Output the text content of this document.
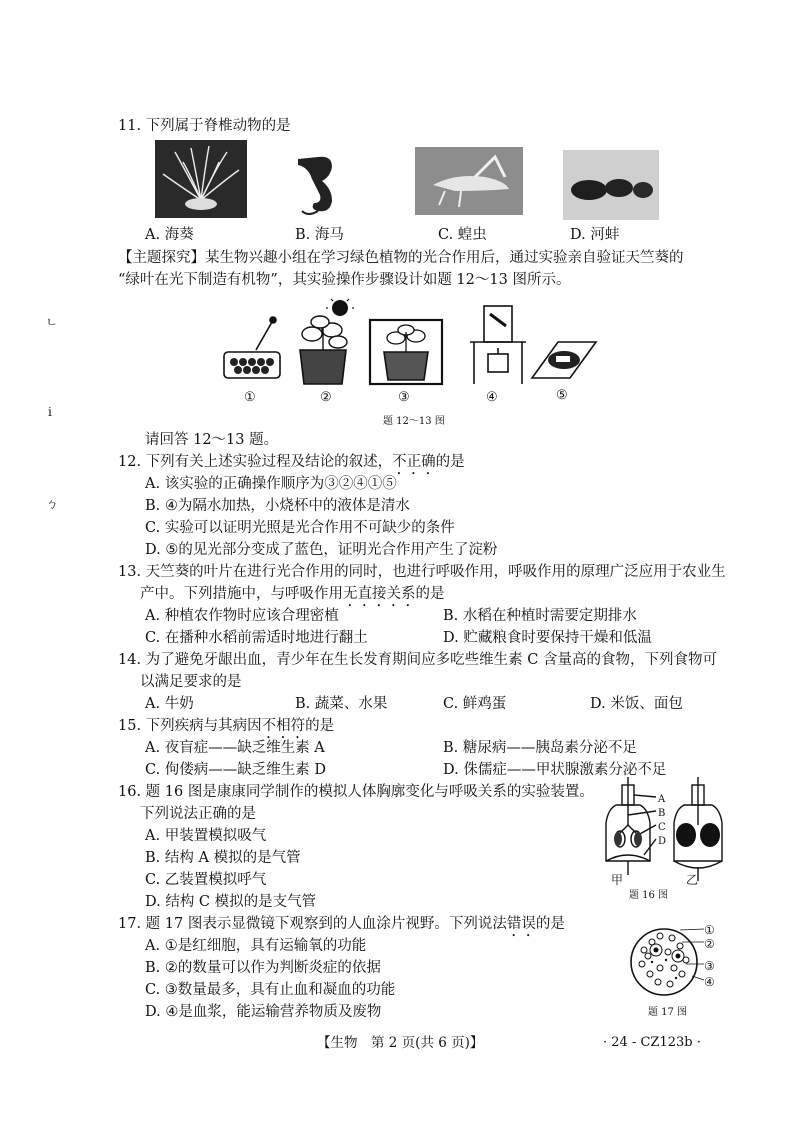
ㄴ
i
ㄅ
11. 下列属于脊椎动物的是
A. 海葵	B. 海马	C. 蝗虫	D. 河蚌
【主题探究】某生物兴趣小组在学习绿色植物的光合作用后，通过实验亲自验证天竺葵的
“绿叶在光下制造有机物”，其实验操作步骤设计如题 12～13 图所示。
①	②	③	④	⑤
题 12～13 图
请回答 12～13 题。
12. 下列有关上述实验过程及结论的叙述，不正确的是
A. 该实验的正确操作顺序为③②④①⑤
B. ④为隔水加热，小烧杯中的液体是清水
C. 实验可以证明光照是光合作用不可缺少的条件
D. ⑤的见光部分变成了蓝色，证明光合作用产生了淀粉
13. 天竺葵的叶片在进行光合作用的同时，也进行呼吸作用，呼吸作用的原理广泛应用于农业生
产中。下列措施中，与呼吸作用无直接关系的是
A. 种植农作物时应该合理密植	B. 水稻在种植时需要定期排水
C. 在播种水稻前需适时地进行翻土	D. 贮藏粮食时要保持干燥和低温
14. 为了避免牙龈出血，青少年在生长发育期间应多吃些维生素 C 含量高的食物，下列食物可
以满足要求的是
A. 牛奶	B. 蔬菜、水果	C. 鲜鸡蛋	D. 米饭、面包
15. 下列疾病与其病因不相符的是
A. 夜盲症——缺乏维生素 A	B. 糖尿病——胰岛素分泌不足
C. 佝偻病——缺乏维生素 D	D. 侏儒症——甲状腺激素分泌不足
16. 题 16 图是康康同学制作的模拟人体胸廓变化与呼吸关系的实验装置。
下列说法正确的是
A. 甲装置模拟吸气
B. 结构 A 模拟的是气管
C. 乙装置模拟呼气
D. 结构 C 模拟的是支气管
A
B
C
D
甲	乙
题 16 图
17. 题 17 图表示显微镜下观察到的人血涂片视野。下列说法错误的是
A. ①是红细胞，具有运输氧的功能
B. ②的数量可以作为判断炎症的依据
C. ③数量最多，具有止血和凝血的功能
D. ④是血浆，能运输营养物质及废物
①
②
③
④
题 17 图
【生物　第 2 页(共 6 页)】	· 24 - CZ123b ·
